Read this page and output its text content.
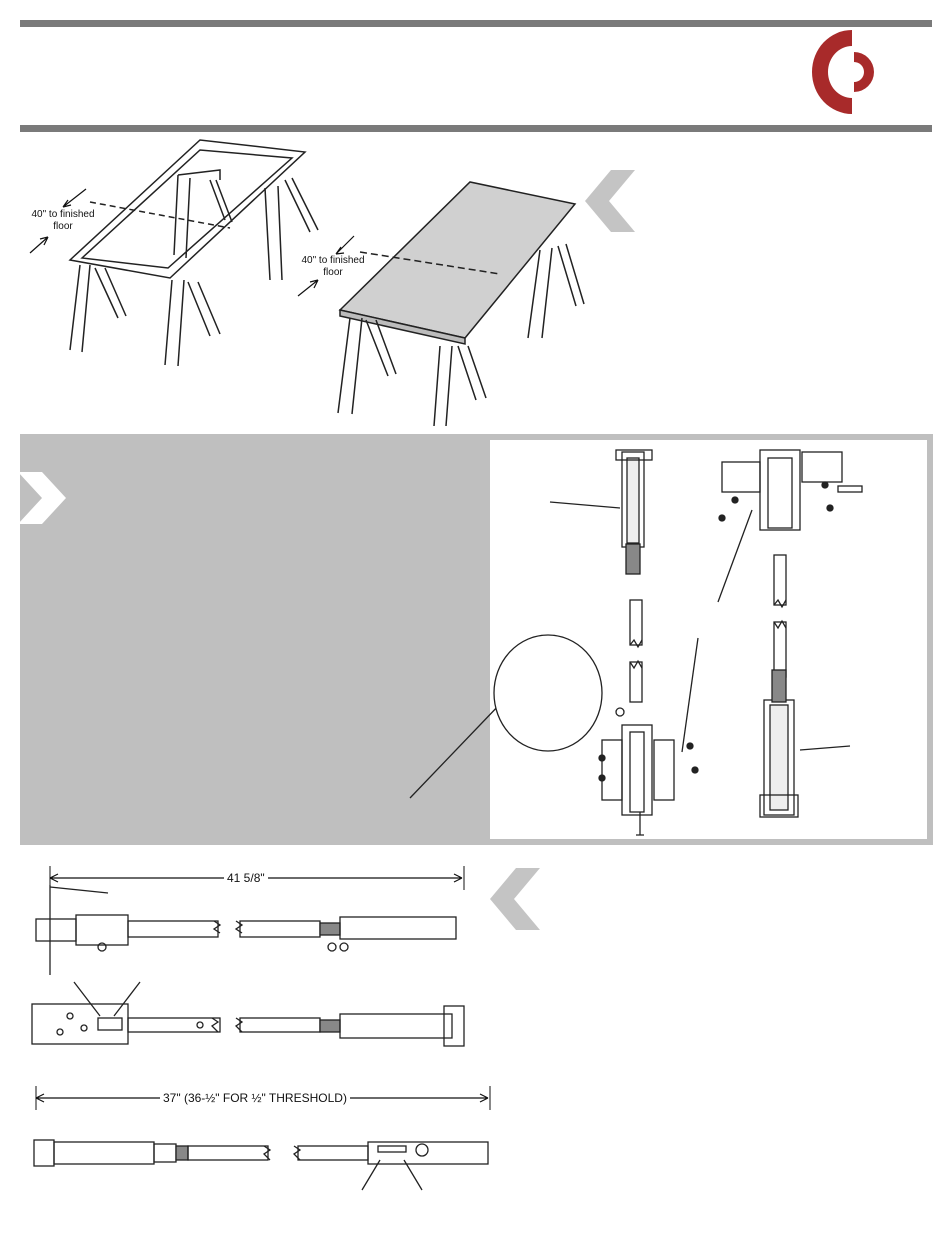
40" to finished
floor
40" to finished
floor
41 5/8"
37" (36-½" FOR ½" THRESHOLD)
